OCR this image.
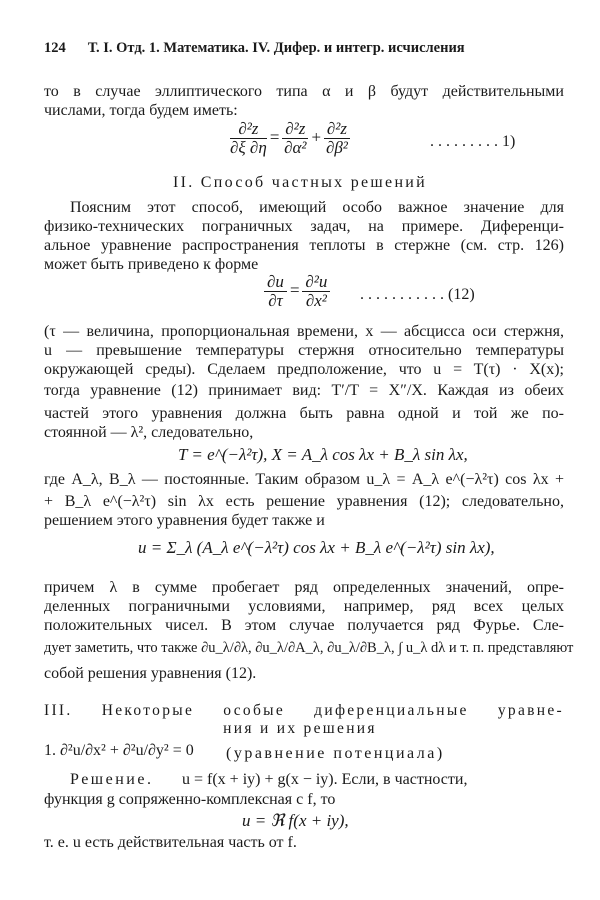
124 Т. I. Отд. 1. Математика. IV. Дифер. и интегр. исчисления
то в случае эллиптического типа α и β будут действительными
числами, тогда будем иметь:
$\frac{\text{∂²z}}{\partial\xi \partial\eta} = \frac{\text{∂²z}}{\text{∂α²}} + \frac{\text{∂²z}}{\text{∂β²}}$	. . . . . . . . . 1)
II. Способ частных решений
Поясним этот способ, имеющий особо важное значение для
физико-технических пограничных задач, на примере. Диференци-
альное уравнение распространения теплоты в стержне (см. стр. 126)
может быть приведено к форме
$\frac{\partial u}{\partial\tau} = \frac{\text{∂²u}}{\text{∂x²}}$ . . . . . . . . . . . (12)
(τ — величина, пропорциональная времени, x — абсцисса оси стержня,
u — превышение температуры стержня относительно температуры
окружающей среды). Сделаем предположение, что u = T(τ) · X(x);
тогда уравнение (12) принимает вид: T′/T = X″/X. Каждая из обеих
частей этого уравнения должна быть равна одной и той же по-
стоянной — λ², следовательно,
T = e^(−λ²τ), X = A_λ cos λx + B_λ sin λx,
где A_λ, B_λ — постоянные. Таким образом u_λ = A_λ e^(−λ²τ) cos λx +
+ B_λ e^(−λ²τ) sin λx есть решение уравнения (12); следовательно,
решением этого уравнения будет также и
u = Σ_λ (A_λ e^(−λ²τ) cos λx + B_λ e^(−λ²τ) sin λx),
причем λ в сумме пробегает ряд определенных значений, опре-
деленных пограничными условиями, например, ряд всех целых
положительных чисел. В этом случае получается ряд Фурье. Сле-
дует заметить, что также ∂u_λ/∂λ, ∂u_λ/∂A_λ, ∂u_λ/∂B_λ, ∫ u_λ dλ и т. п. представляют
собой решения уравнения (12).
III. Некоторые особые диференциальные уравне-
ния и их решения
1. ∂²u/∂x² + ∂²u/∂y² = 0 (уравнение потенциала)
Решение. u = f(x + iy) + g(x − iy). Если, в частности,
функция g сопряженно-комплексная с f, то
u = ℜ f(x + iy),
т. е. u есть действительная часть от f.
